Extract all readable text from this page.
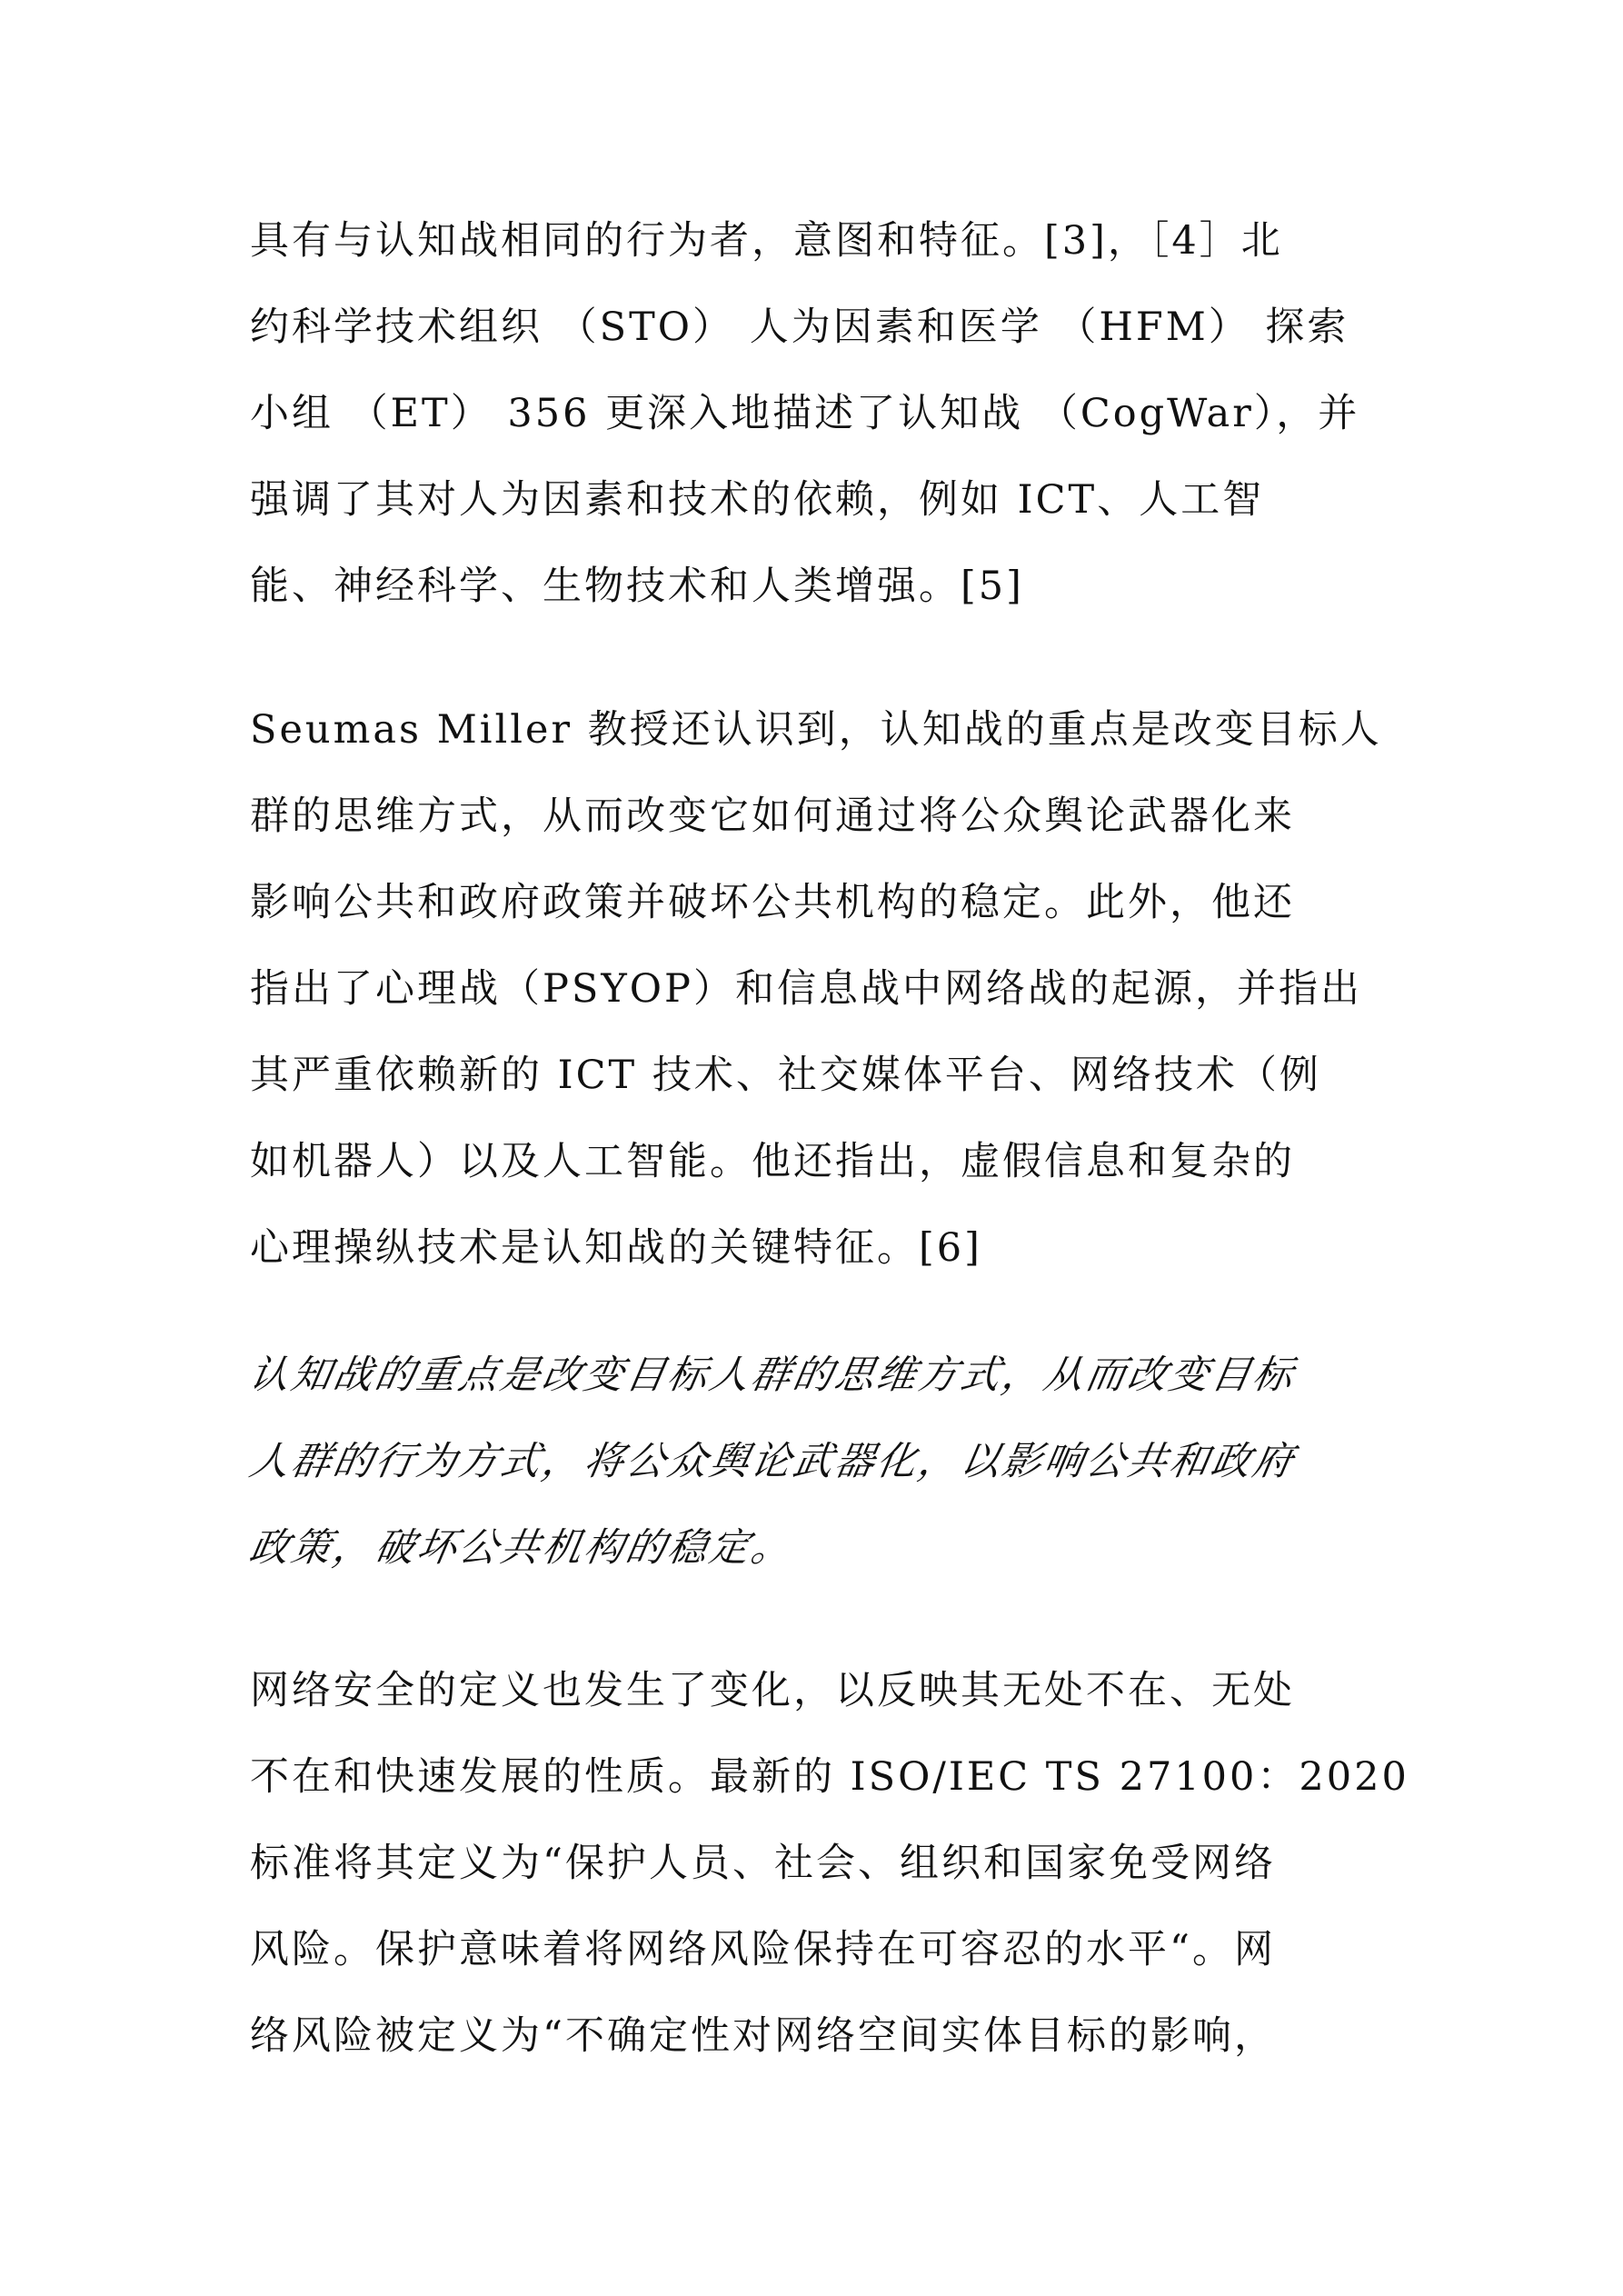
具有与认知战相同的行为者，意图和特征。[3]，［4］北
约科学技术组织 （STO） 人为因素和医学 （HFM） 探索
小组 （ET） 356 更深入地描述了认知战 （CogWar），并
强调了其对人为因素和技术的依赖，例如 ICT、人工智
能、神经科学、生物技术和人类增强。[5]
Seumas Miller 教授还认识到，认知战的重点是改变目标人
群的思维方式，从而改变它如何通过将公众舆论武器化来
影响公共和政府政策并破坏公共机构的稳定。此外，他还
指出了心理战（PSYOP）和信息战中网络战的起源，并指出
其严重依赖新的 ICT 技术、社交媒体平台、网络技术（例
如机器人）以及人工智能。他还指出，虚假信息和复杂的
心理操纵技术是认知战的关键特征。[6]
认知战的重点是改变目标人群的思维方式，从而改变目标
人群的行为方式，将公众舆论武器化，以影响公共和政府
政策，破坏公共机构的稳定。
网络安全的定义也发生了变化，以反映其无处不在、无处
不在和快速发展的性质。最新的 ISO/IEC TS 27100：2020
标准将其定义为“保护人员、社会、组织和国家免受网络
风险。保护意味着将网络风险保持在可容忍的水平“。网
络风险被定义为“不确定性对网络空间实体目标的影响，
